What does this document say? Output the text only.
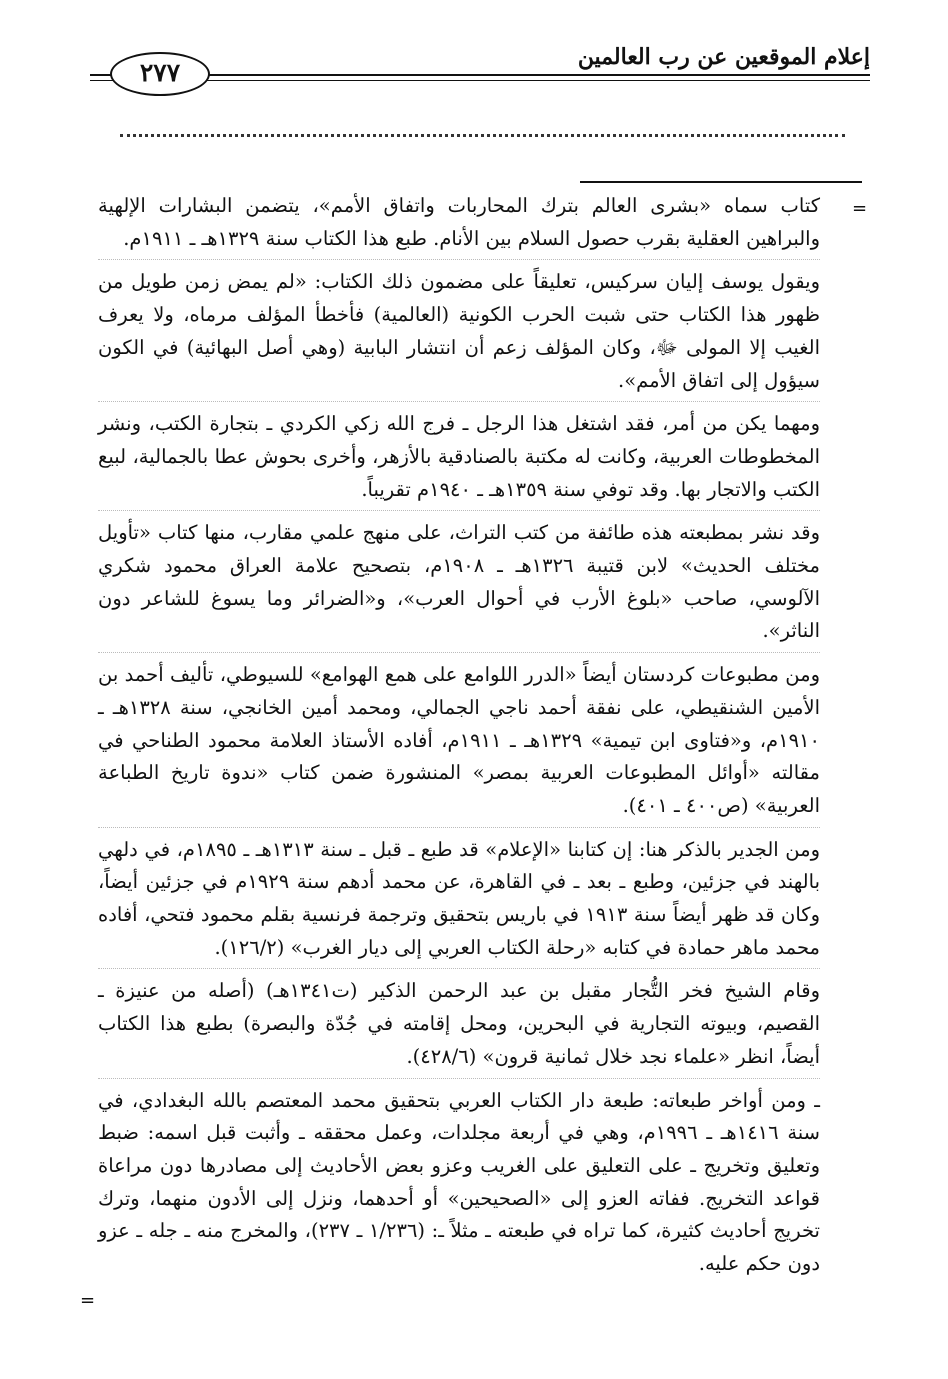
إعلام الموقعين عن رب العالمين
٢٧٧
=

كتاب سماه «بشرى العالم بترك المحاربات واتفاق الأمم»، يتضمن البشارات الإلهية والبراهين العقلية بقرب حصول السلام بين الأنام. طبع هذا الكتاب سنة ١٣٢٩هـ ـ ١٩١١م.

ويقول يوسف إليان سركيس، تعليقاً على مضمون ذلك الكتاب: «لم يمض زمن طويل من ظهور هذا الكتاب حتى شبت الحرب الكونية (العالمية) فأخطأ المؤلف مرماه، ولا يعرف الغيب إلا المولى ﷻ، وكان المؤلف زعم أن انتشار البابية (وهي أصل البهائية) في الكون سيؤول إلى اتفاق الأمم».

ومهما يكن من أمر، فقد اشتغل هذا الرجل ـ فرج الله زكي الكردي ـ بتجارة الكتب، ونشر المخطوطات العربية، وكانت له مكتبة بالصنادقية بالأزهر، وأخرى بحوش عطا بالجمالية، لبيع الكتب والاتجار بها. وقد توفي سنة ١٣٥٩هـ ـ ١٩٤٠م تقريباً.

وقد نشر بمطبعته هذه طائفة من كتب التراث، على منهج علمي مقارب، منها كتاب «تأويل مختلف الحديث» لابن قتيبة ١٣٢٦هـ ـ ١٩٠٨م، بتصحيح علامة العراق محمود شكري الآلوسي، صاحب «بلوغ الأرب في أحوال العرب»، و«الضرائر وما يسوغ للشاعر دون الناثر».

ومن مطبوعات كردستان أيضاً «الدرر اللوامع على همع الهوامع» للسيوطي، تأليف أحمد بن الأمين الشنقيطي، على نفقة أحمد ناجي الجمالي، ومحمد أمين الخانجي، سنة ١٣٢٨هـ ـ ١٩١٠م، و«فتاوى ابن تيمية» ١٣٢٩هـ ـ ١٩١١م، أفاده الأستاذ العلامة محمود الطناحي في مقالته «أوائل المطبوعات العربية بمصر» المنشورة ضمن كتاب «ندوة تاريخ الطباعة العربية» (ص٤٠٠ ـ ٤٠١).

ومن الجدير بالذكر هنا: إن كتابنا «الإعلام» قد طبع ـ قبل ـ سنة ١٣١٣هـ ـ ١٨٩٥م، في دلهي بالهند في جزئين، وطبع ـ بعد ـ في القاهرة، عن محمد أدهم سنة ١٩٢٩م في جزئين أيضاً، وكان قد ظهر أيضاً سنة ١٩١٣ في باريس بتحقيق وترجمة فرنسية بقلم محمود فتحي، أفاده محمد ماهر حمادة في كتابه «رحلة الكتاب العربي إلى ديار الغرب» (١٢٦/٢).

وقام الشيخ فخر التُّجار مقبل بن عبد الرحمن الذكير (ت١٣٤١هـ) (أصله من عنيزة ـ القصيم، وبيوته التجارية في البحرين، ومحل إقامته في جُدّة والبصرة) بطبع هذا الكتاب أيضاً، انظر «علماء نجد خلال ثمانية قرون» (٤٢٨/٦).

ـ ومن أواخر طبعاته: طبعة دار الكتاب العربي بتحقيق محمد المعتصم بالله البغدادي، في سنة ١٤١٦هـ ـ ١٩٩٦م، وهي في أربعة مجلدات، وعمل محققه ـ وأثبت قبل اسمه: ضبط وتعليق وتخريج ـ على التعليق على الغريب وعزو بعض الأحاديث إلى مصادرها دون مراعاة قواعد التخريج. ففاته العزو إلى «الصحيحين» أو أحدهما، ونزل إلى الأدون منهما، وترك تخريج أحاديث كثيرة، كما تراه في طبعته ـ مثلاً ـ: (١/٢٣٦ ـ ٢٣٧)، والمخرج منه ـ جله ـ عزو دون حكم عليه.

=
